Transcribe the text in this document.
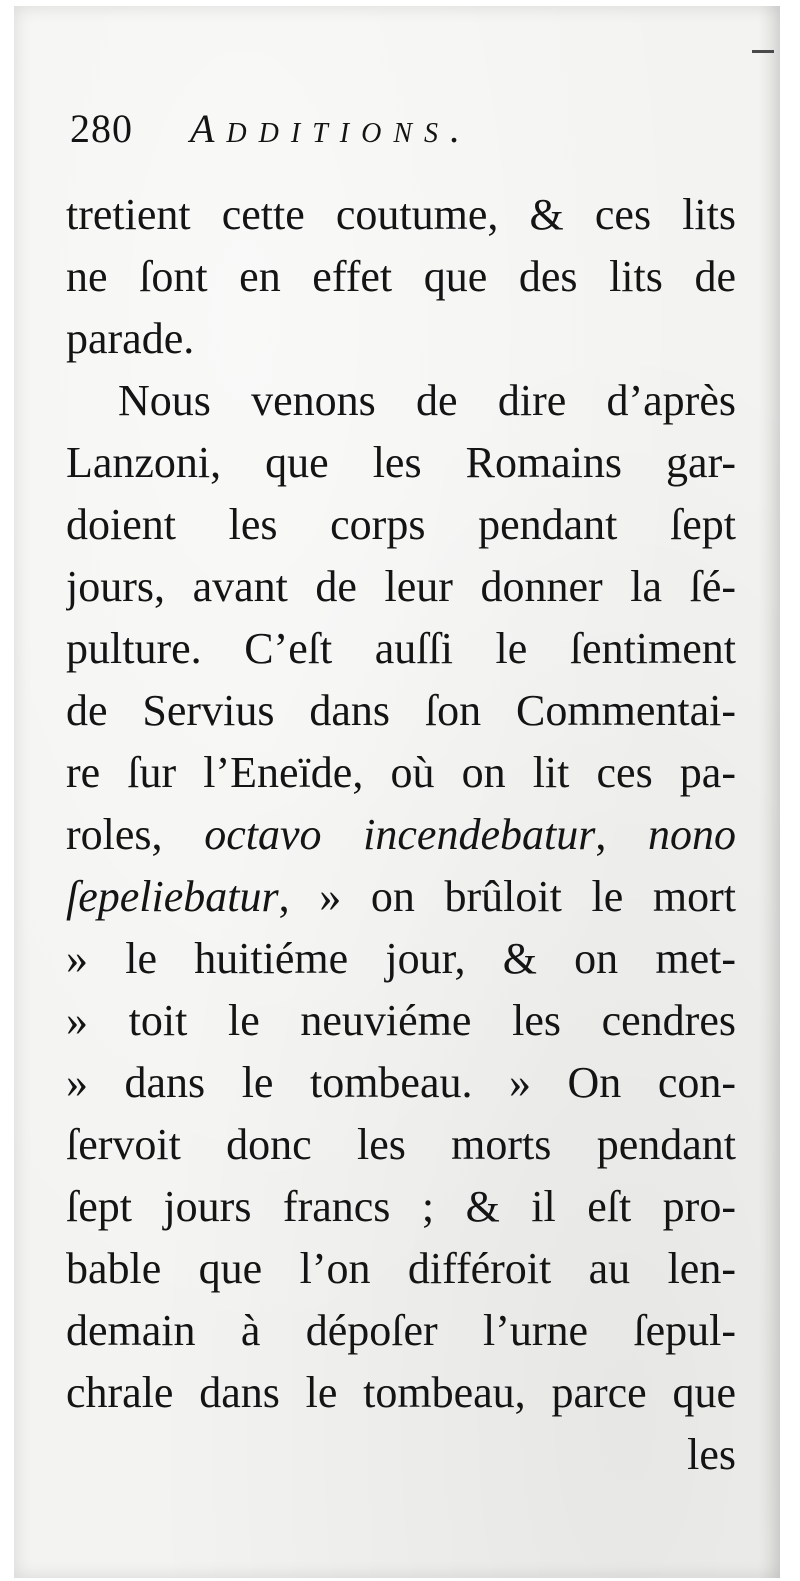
280 Additions.
tretient cette coutume, & ces lits
ne ſont en effet que des lits de
parade.
Nous venons de dire d’après
Lanzoni, que les Romains gar-
doient les corps pendant ſept
jours, avant de leur donner la ſé-
pulture. C’eſt auſſi le ſentiment
de Servius dans ſon Commentai-
re ſur l’Eneïde, où on lit ces pa-
roles, octavo incendebatur, nono
ſepeliebatur, » on brûloit le mort
» le huitiéme jour, & on met-
» toit le neuviéme les cendres
» dans le tombeau. » On con-
ſervoit donc les morts pendant
ſept jours francs ; & il eſt pro-
bable que l’on différoit au len-
demain à dépoſer l’urne ſepul-
chrale dans le tombeau, parce que
les
